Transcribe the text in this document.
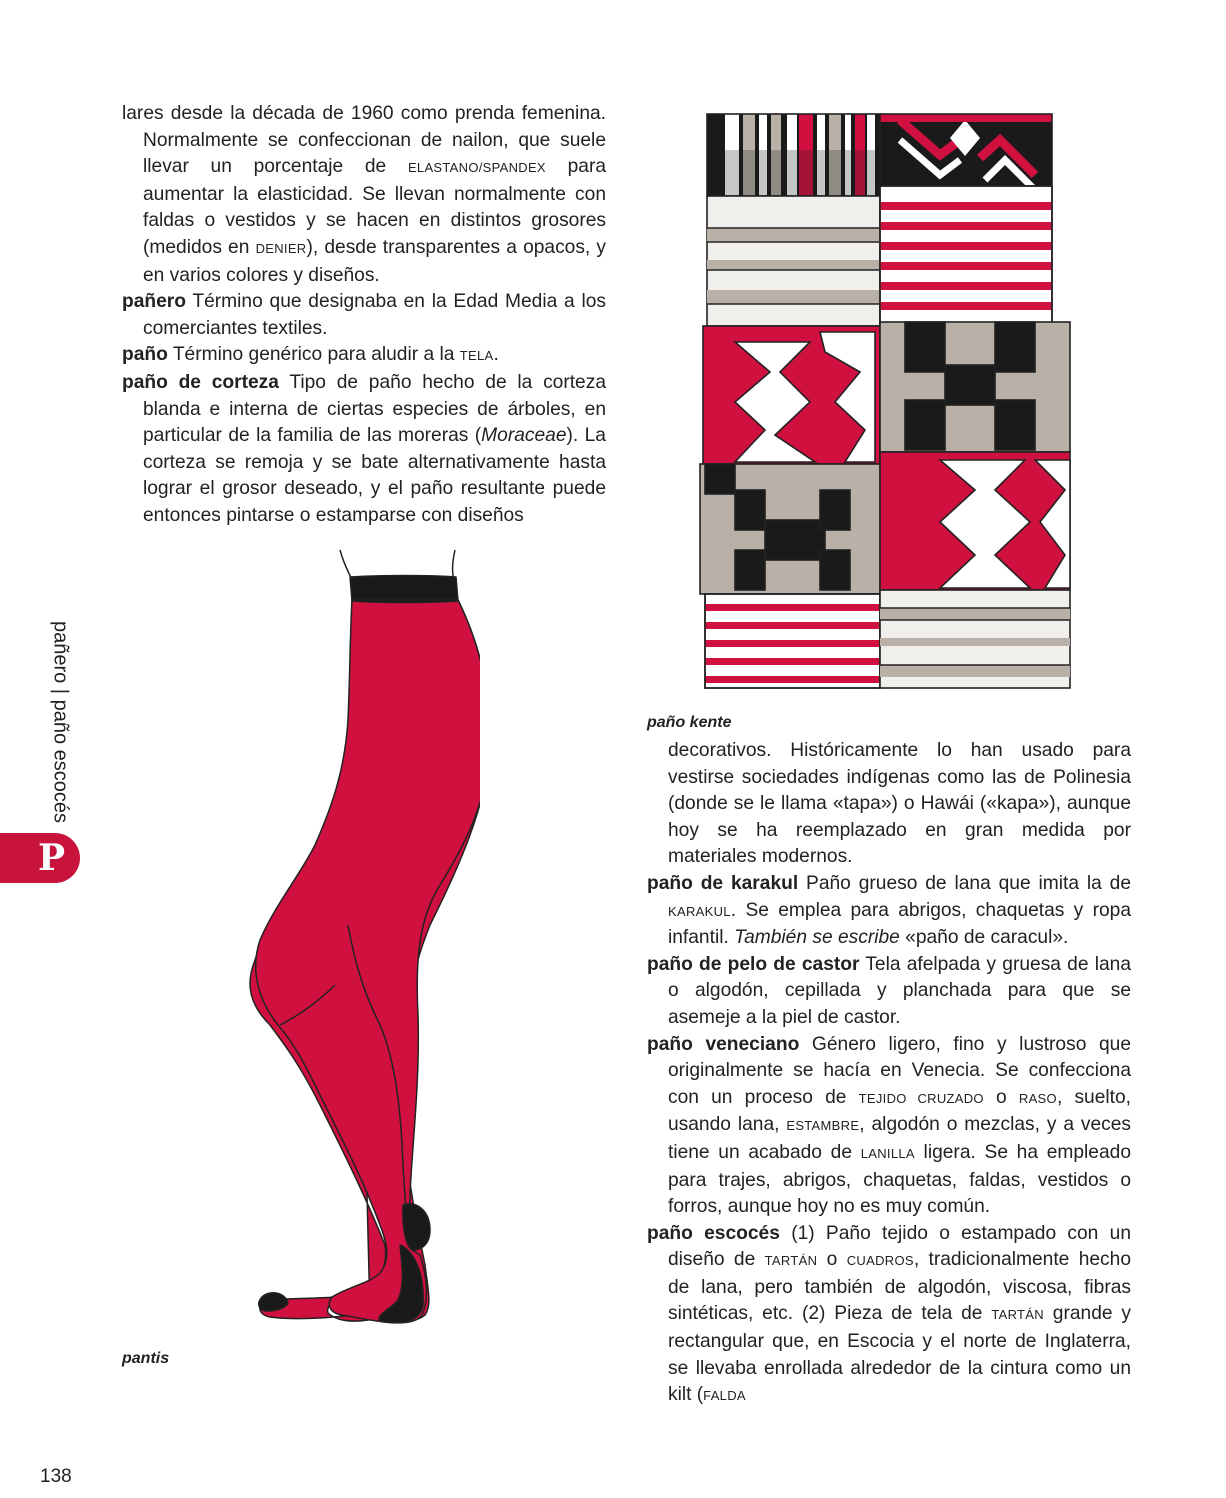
lares desde la década de 1960 como prenda femenina. Normalmente se confeccionan de nailon, que suele llevar un porcentaje de ELASTANO/SPANDEX para aumentar la elasticidad. Se llevan normalmente con faldas o vestidos y se hacen en distintos grosores (medidos en DENIER), desde transparentes a opacos, y en varios colores y diseños.

pañero Término que designaba en la Edad Media a los comerciantes textiles.

paño Término genérico para aludir a la TELA.

paño de corteza Tipo de paño hecho de la corteza blanda e interna de ciertas especies de árboles, en particular de la familia de las moreras (Moraceae). La corteza se remoja y se bate alternativamente hasta lograr el grosor deseado, y el paño resultante puede entonces pintarse o estamparse con diseños

decorativos. Históricamente lo han usado para vestirse sociedades indígenas como las de Polinesia (donde se le llama «tapa») o Hawái («kapa»), aunque hoy se ha reemplazado en gran medida por materiales modernos.

paño de karakul Paño grueso de lana que imita la de KARAKUL. Se emplea para abrigos, chaquetas y ropa infantil. También se escribe «paño de caracul».

paño de pelo de castor Tela afelpada y gruesa de lana o algodón, cepillada y planchada para que se asemeje a la piel de castor.

paño veneciano Género ligero, fino y lustroso que originalmente se hacía en Venecia. Se confecciona con un proceso de TEJIDO CRUZADO o RASO, suelto, usando lana, ESTAMBRE, algodón o mezclas, y a veces tiene un acabado de LANILLA ligera. Se ha empleado para trajes, abrigos, chaquetas, faldas, vestidos o forros, aunque hoy no es muy común.

paño escocés (1) Paño tejido o estampado con un diseño de TARTÁN o CUADROS, tradicionalmente hecho de lana, pero también de algodón, viscosa, fibras sintéticas, etc. (2) Pieza de tela de TARTÁN grande y rectangular que, en Escocia y el norte de Inglaterra, se llevaba enrollada alrededor de la cintura como un kilt (FALDA

paño kente
pantis
pañero | paño escocés
P
138
